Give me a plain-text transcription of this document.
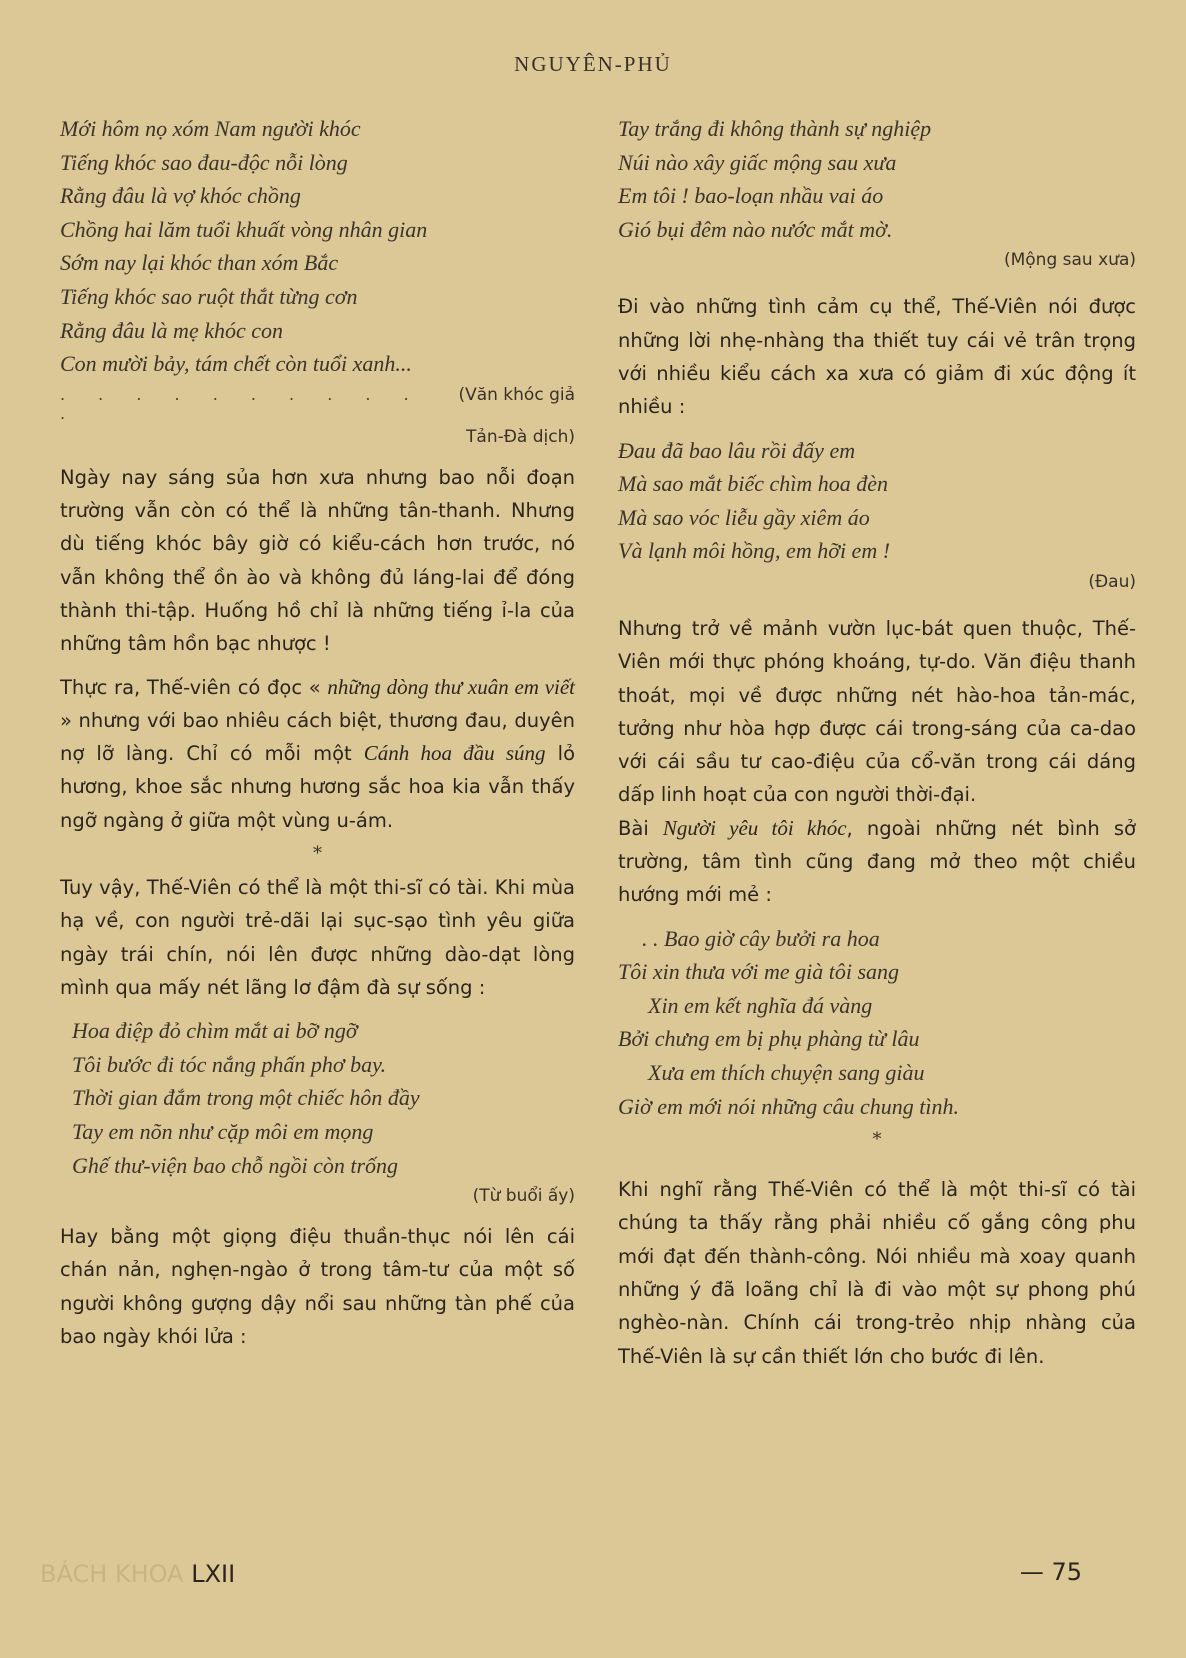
NGUYÊN-PHỦ
Mới hôm nọ xóm Nam người khóc
Tiếng khóc sao đau-độc nỗi lòng
Rằng đâu là vợ khóc chồng
Chồng hai lăm tuổi khuất vòng nhân gian
Sớm nay lại khóc than xóm Bắc
Tiếng khóc sao ruột thắt từng cơn
Rằng đâu là mẹ khóc con
Con mười bảy, tám chết còn tuổi xanh...
. . . . . . . . . . .
(Văn khóc giả
Tản-Đà dịch)

Ngày nay sáng sủa hơn xưa nhưng bao nỗi đoạn trường vẫn còn có thể là những tân-thanh. Nhưng dù tiếng khóc bây giờ có kiểu-cách hơn trước, nó vẫn không thể ồn ào và không đủ láng-lai để đóng thành thi-tập. Huống hồ chỉ là những tiếng ỉ-la của những tâm hồn bạc nhược !

Thực ra, Thế-viên có đọc « những dòng thư xuân em viết » nhưng với bao nhiêu cách biệt, thương đau, duyên nợ lỡ làng. Chỉ có mỗi một Cánh hoa đầu súng lỏ hương, khoe sắc nhưng hương sắc hoa kia vẫn thấy ngỡ ngàng ở giữa một vùng u-ám.

*

Tuy vậy, Thế-Viên có thể là một thi-sĩ có tài. Khi mùa hạ về, con người trẻ-dãi lại sục-sạo tình yêu giữa ngày trái chín, nói lên được những dào-dạt lòng mình qua mấy nét lãng lơ đậm đà sự sống :

Hoa điệp đỏ chìm mắt ai bỡ ngỡ
Tôi bước đi tóc nắng phấn phơ bay.
Thời gian đắm trong một chiếc hôn đầy
Tay em nõn như cặp môi em mọng
Ghế thư-viện bao chỗ ngồi còn trống
(Từ buổi ấy)

Hay bằng một giọng điệu thuần-thục nói lên cái chán nản, nghẹn-ngào ở trong tâm-tư của một số người không gượng dậy nổi sau những tàn phế của bao ngày khói lửa :

Tay trắng đi không thành sự nghiệp
Núi nào xây giấc mộng sau xưa
Em tôi ! bao-loạn nhầu vai áo
Gió bụi đêm nào nước mắt mờ.
(Mộng sau xưa)

Đi vào những tình cảm cụ thể, Thế-Viên nói được những lời nhẹ-nhàng tha thiết tuy cái vẻ trân trọng với nhiều kiểu cách xa xưa có giảm đi xúc động ít nhiều :

Đau đã bao lâu rồi đấy em
Mà sao mắt biếc chìm hoa đèn
Mà sao vóc liễu gầy xiêm áo
Và lạnh môi hồng, em hỡi em !
(Đau)

Nhưng trở về mảnh vườn lục-bát quen thuộc, Thế-Viên mới thực phóng khoáng, tự-do. Văn điệu thanh thoát, mọi về được những nét hào-hoa tản-mác, tưởng như hòa hợp được cái trong-sáng của ca-dao với cái sầu tư cao-điệu của cổ-văn trong cái dáng dấp linh hoạt của con người thời-đại.

Bài Người yêu tôi khóc, ngoài những nét bình sở trường, tâm tình cũng đang mở theo một chiều hướng mới mẻ :

. . Bao giờ cây bưởi ra hoa
Tôi xin thưa với me già tôi sang
Xin em kết nghĩa đá vàng
Bởi chưng em bị phụ phàng từ lâu
Xưa em thích chuyện sang giàu
Giờ em mới nói những câu chung tình.
*

Khi nghĩ rằng Thế-Viên có thể là một thi-sĩ có tài chúng ta thấy rằng phải nhiều cố gắng công phu mới đạt đến thành-công. Nói nhiều mà xoay quanh những ý đã loãng chỉ là đi vào một sự phong phú nghèo-nàn. Chính cái trong-trẻo nhịp nhàng của Thế-Viên là sự cần thiết lớn cho bước đi lên.

BÁCH KHOA LXII	— 75
